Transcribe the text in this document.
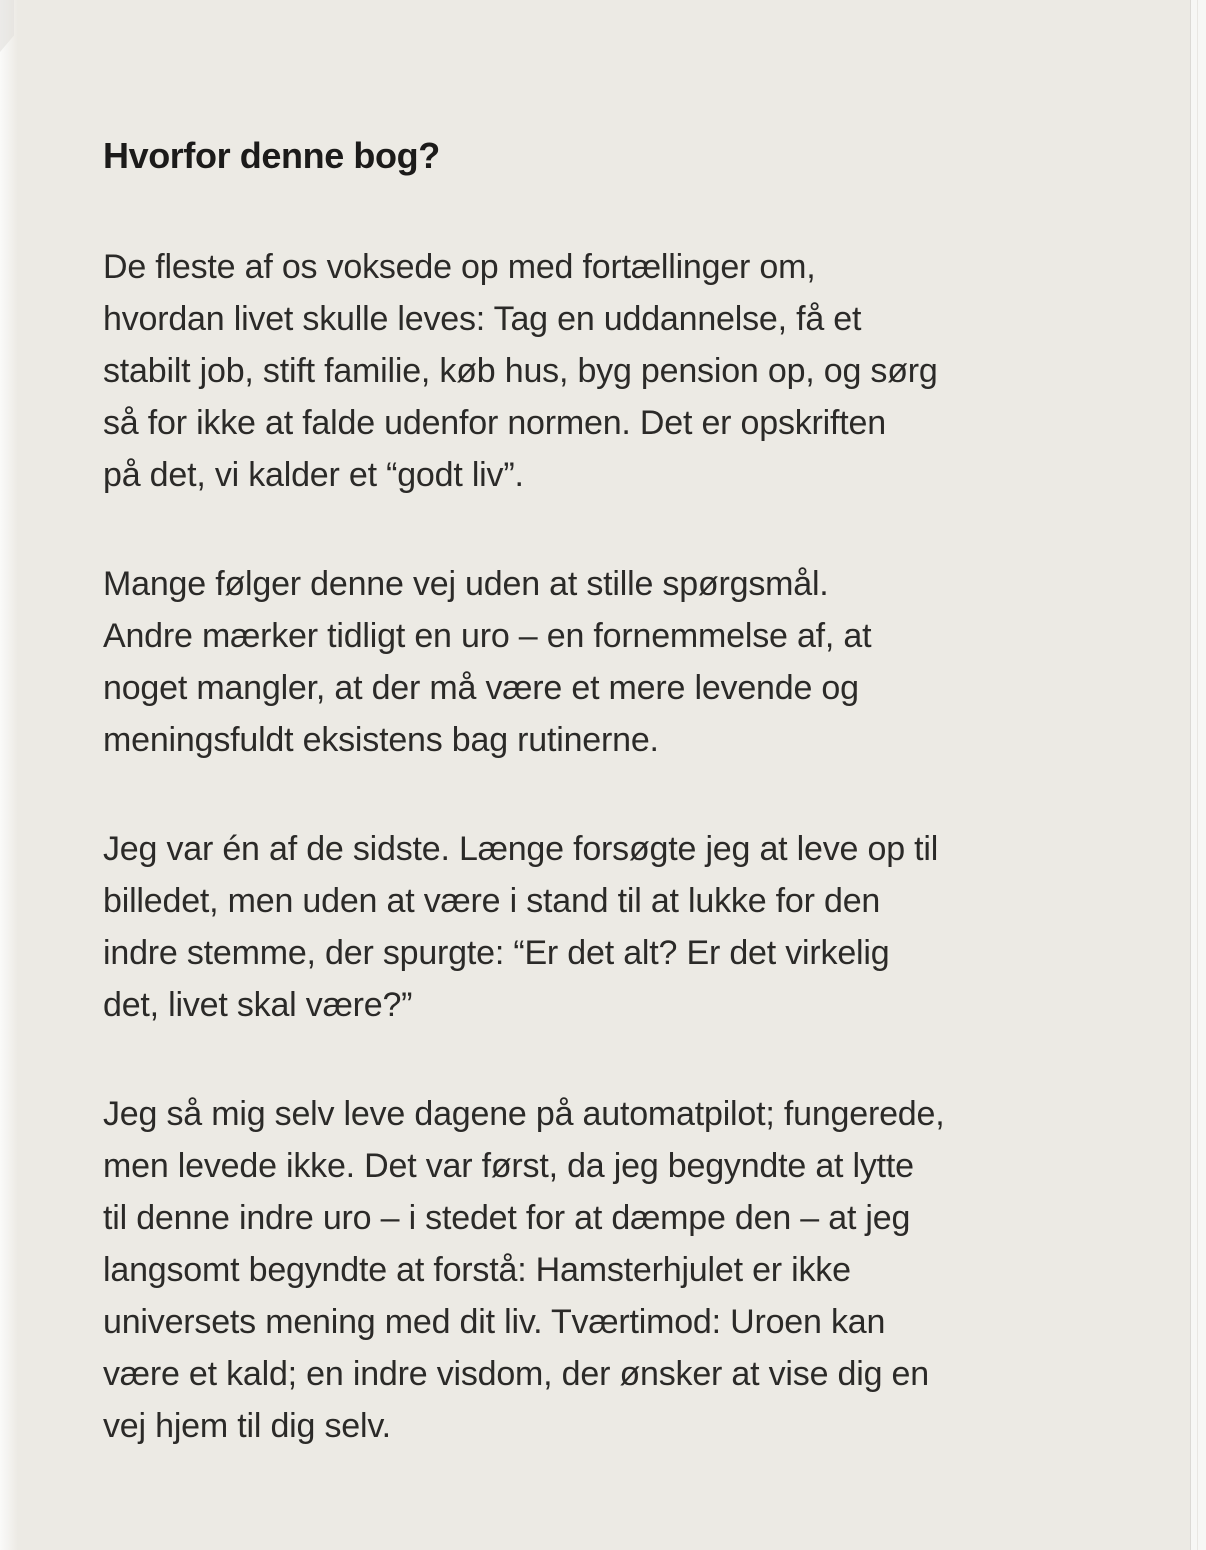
Hvorfor denne bog?

De fleste af os voksede op med fortællinger om,
hvordan livet skulle leves: Tag en uddannelse, få et
stabilt job, stift familie, køb hus, byg pension op, og sørg
så for ikke at falde udenfor normen. Det er opskriften
på det, vi kalder et “godt liv”.

Mange følger denne vej uden at stille spørgsmål.
Andre mærker tidligt en uro – en fornemmelse af, at
noget mangler, at der må være et mere levende og
meningsfuldt eksistens bag rutinerne.

Jeg var én af de sidste. Længe forsøgte jeg at leve op til
billedet, men uden at være i stand til at lukke for den
indre stemme, der spurgte: “Er det alt? Er det virkelig
det, livet skal være?”

Jeg så mig selv leve dagene på automatpilot; fungerede,
men levede ikke. Det var først, da jeg begyndte at lytte
til denne indre uro – i stedet for at dæmpe den – at jeg
langsomt begyndte at forstå: Hamsterhjulet er ikke
universets mening med dit liv. Tværtimod: Uroen kan
være et kald; en indre visdom, der ønsker at vise dig en
vej hjem til dig selv.
